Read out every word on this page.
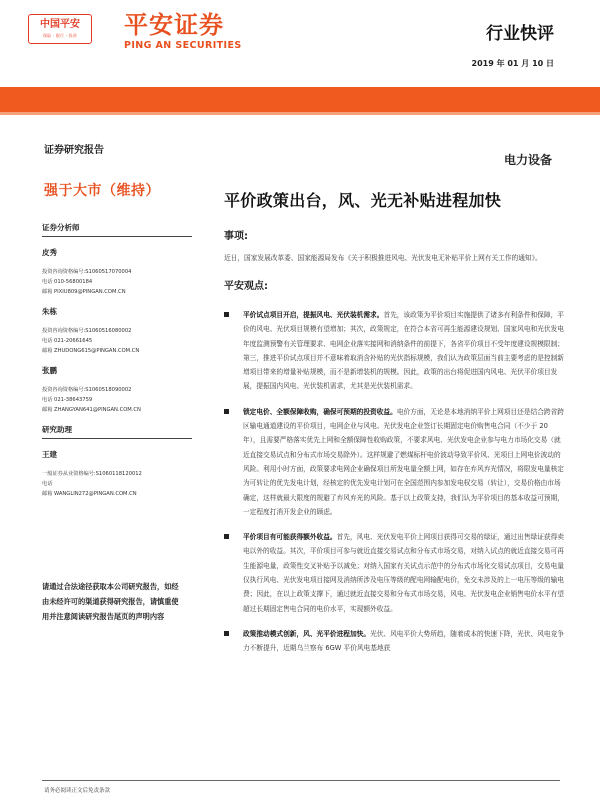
中国平安
保险 · 银行 · 投资	平安证券
PING AN SECURITIES
行业快评
2019 年 01 月 10 日
证券研究报告
电力设备
强于大市（维持）	平价政策出台，风、光无补贴进程加快
证券分析师
皮秀
投资咨询资格编号:S1060517070004
电话 010-56800184
邮箱 PIXIU809@PINGAN.COM.CN
朱栋
投资咨询资格编号:S1060516080002
电话 021-20661645
邮箱 ZHUDONG615@PINGAN.COM.CN
张鹏
投资咨询资格编号:S1060518090002
电话 021-38643759
邮箱 ZHANGYAN641@PINGAN.COM.CN
研究助理
王建
一般证券从业资格编号:S1060118120012
电话
邮箱 WANGLIN272@PINGAN.COM.CN
请通过合法途径获取本公司研究报告，如经由未经许可的渠道获得研究报告，请慎重使用并注意阅读研究报告尾页的声明内容
事项:

近日，国家发展改革委、国家能源局发布《关于积极推进风电、光伏发电无补贴平价上网有关工作的通知》。

平安观点:
平价试点项目开启，提振风电、光伏装机需求。首先，该政策为平价项目实施提供了诸多有利条件和保障，平价的风电、光伏项目规模有望增加；其次，政策规定，在符合本省可再生能源建设规划、国家风电和光伏发电年度监测预警有关管理要求、电网企业落实接网和消纳条件的前提下，各省平价项目不受年度建设规模限制；第三，推进平价试点项目并不意味着取消含补贴的光伏指标规模，我们认为政策层面当前主要考虑的是控制新增项目带来的增量补贴规模，而不是新增装机的规模。因此，政策的出台将促进国内风电、光伏平价项目发展，提振国内风电、光伏装机需求，尤其是光伏装机需求。
锁定电价、全额保障收购，确保可预期的投资收益。电价方面，无论是本地消纳平价上网项目还是结合跨省跨区输电通道建设的平价项目，电网企业与风电、光伏发电企业签订长期固定电价购售电合同（不少于 20 年），且需要严格落实优先上网和全额保障性收购政策，不要求风电、光伏发电企业参与电力市场化交易（就近直接交易试点和分布式市场交易除外）。这样规避了燃煤标杆电价波动导致平价风、光项目上网电价波动的风险。利用小时方面，政策要求电网企业确保项目所发电量全额上网，如存在弃风弃光情况，将限发电量核定为可转让的优先发电计划，经核定的优先发电计划可在全国范围内参加发电权交易（转让），交易价格由市场确定，这样就最大限度的规避了弃风弃光的风险。基于以上政策支持，我们认为平价项目的基本收益可预期，一定程度打消开发企业的顾虑。
平价项目有可能获得额外收益。首先，风电、光伏发电平价上网项目获得可交易的绿证，通过出售绿证获得卖电以外的收益。其次，平价项目可参与就近直接交易试点和分布式市场交易，对纳入试点的就近直接交易可再生能源电量，政策性交叉补贴予以减免；对纳入国家有关试点示范中的分布式市场化交易试点项目，交易电量仅执行风电、光伏发电项目接网及消纳所涉及电压等级的配电网输配电价，免交未涉及的上一电压等级的输电费；因此，在以上政策支撑下，通过就近直接交易和分布式市场交易，风电、光伏发电企业销售电价水平有望超过长期固定售电合同的电价水平，实现额外收益。
政策推动模式创新，风、光平价进程加快。光伏、风电平价大势所趋，随着成本的快速下降，光伏、风电竞争力不断提升，近期乌兰察布 6GW 平价风电基地获
请务必阅读正文后免责条款
